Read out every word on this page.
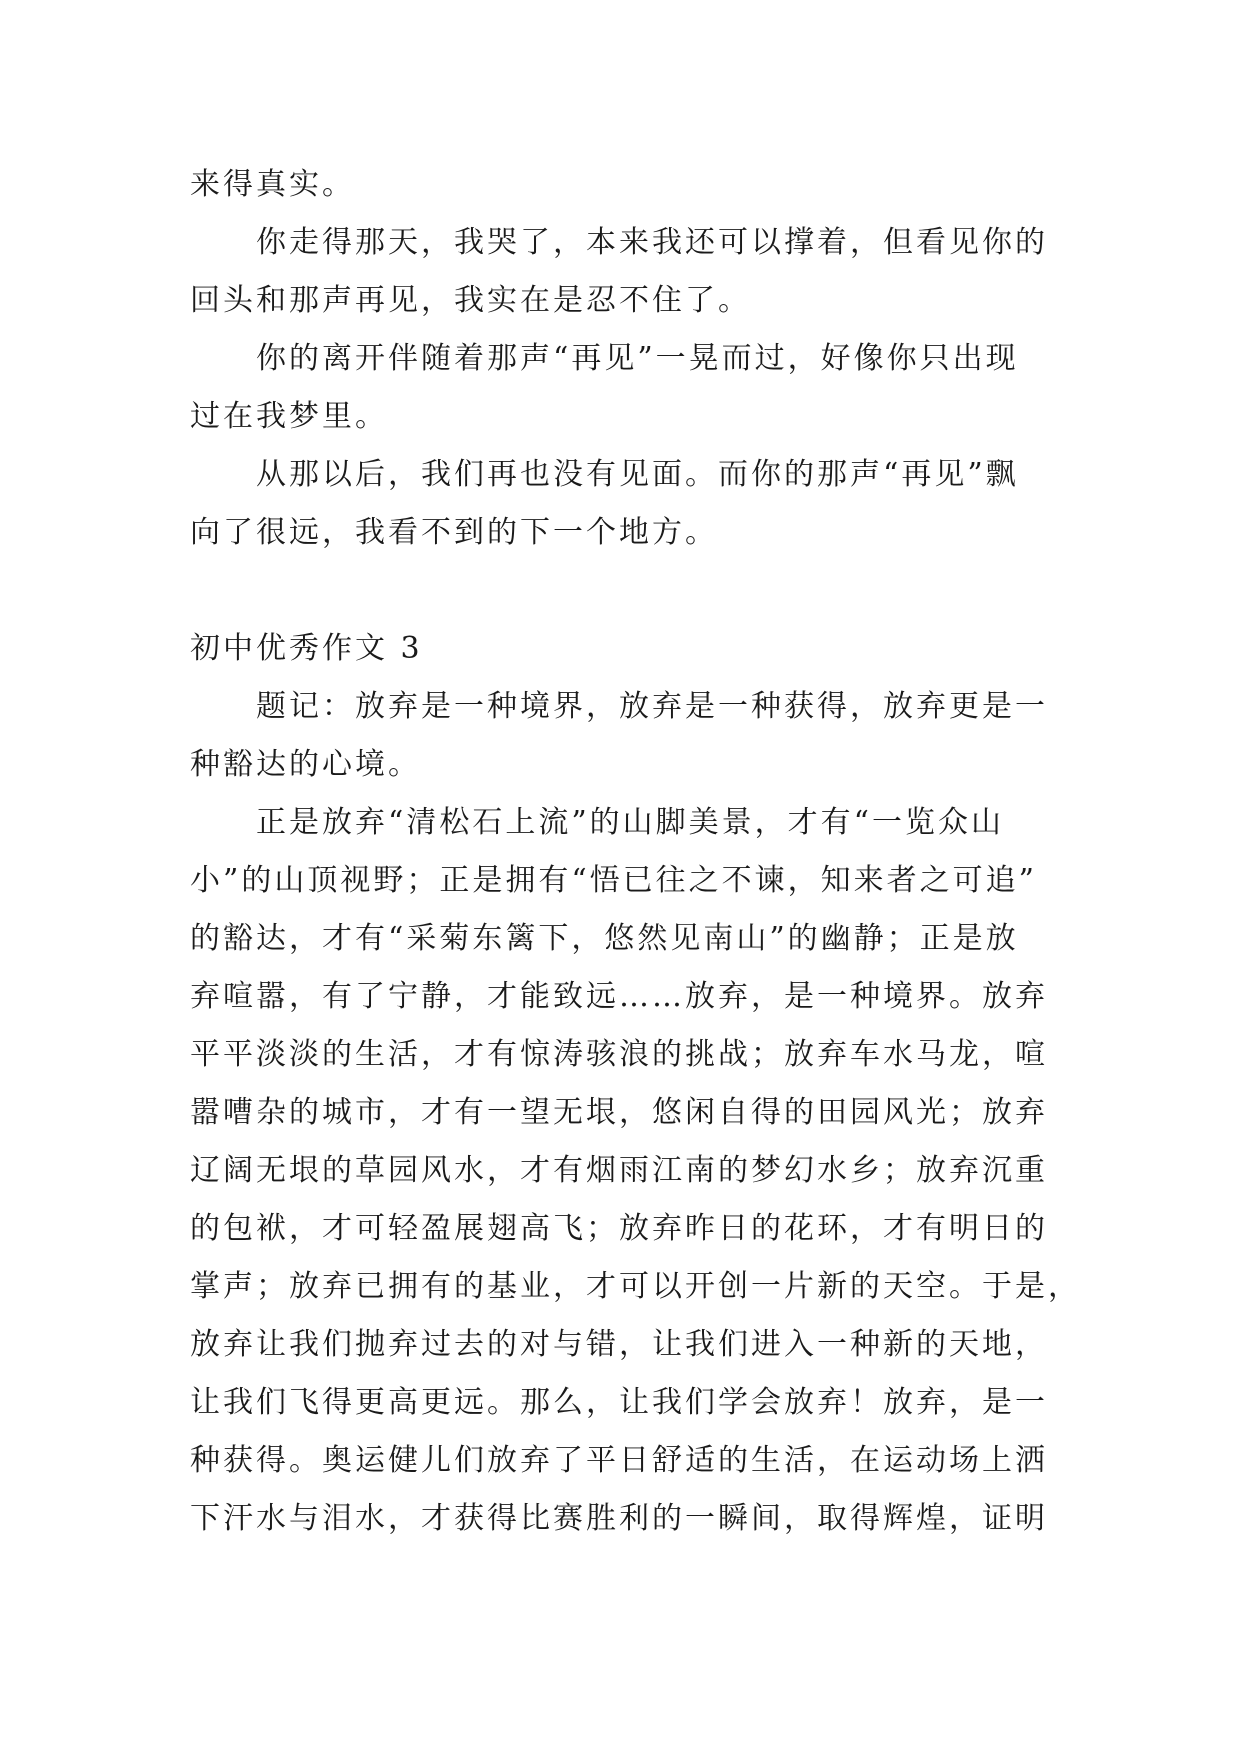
来得真实。
你走得那天，我哭了，本来我还可以撑着，但看见你的
回头和那声再见，我实在是忍不住了。
你的离开伴随着那声“再见”一晃而过，好像你只出现
过在我梦里。
从那以后，我们再也没有见面。而你的那声“再见”飘
向了很远，我看不到的下一个地方。
初中优秀作文 3
题记：放弃是一种境界，放弃是一种获得，放弃更是一
种豁达的心境。
正是放弃“清松石上流”的山脚美景，才有“一览众山
小”的山顶视野；正是拥有“悟已往之不谏，知来者之可追”
的豁达，才有“采菊东篱下，悠然见南山”的幽静；正是放
弃喧嚣，有了宁静，才能致远……放弃，是一种境界。放弃
平平淡淡的生活，才有惊涛骇浪的挑战；放弃车水马龙，喧
嚣嘈杂的城市，才有一望无垠，悠闲自得的田园风光；放弃
辽阔无垠的草园风水，才有烟雨江南的梦幻水乡；放弃沉重
的包袱，才可轻盈展翅高飞；放弃昨日的花环，才有明日的
掌声；放弃已拥有的基业，才可以开创一片新的天空。于是，
放弃让我们抛弃过去的对与错，让我们进入一种新的天地，
让我们飞得更高更远。那么，让我们学会放弃！放弃，是一
种获得。奥运健儿们放弃了平日舒适的生活，在运动场上洒
下汗水与泪水，才获得比赛胜利的一瞬间，取得辉煌，证明
